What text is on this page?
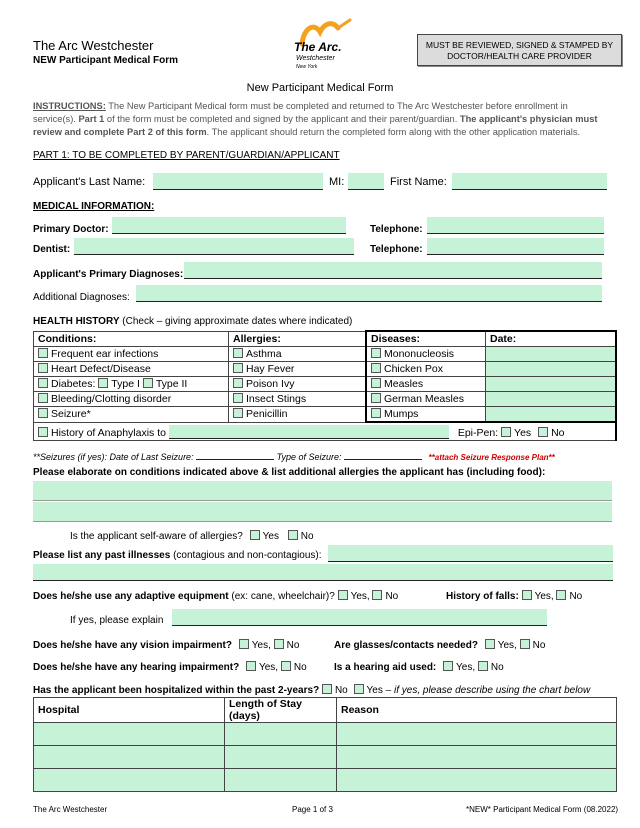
The Arc Westchester
NEW Participant Medical Form
The Arc.
Westchester
New York
MUST BE REVIEWED, SIGNED & STAMPED BY
DOCTOR/HEALTH CARE PROVIDER
New Participant Medical Form
INSTRUCTIONS: The New Participant Medical form must be completed and returned to The Arc Westchester before enrollment in
service(s). Part 1 of the form must be completed and signed by the applicant and their parent/guardian. The applicant's physician must
review and complete Part 2 of this form. The applicant should return the completed form along with the other application materials.
PART 1: TO BE COMPLETED BY PARENT/GUARDIAN/APPLICANT
Applicant's Last Name:	MI:	First Name:
MEDICAL INFORMATION:
Primary Doctor:	Telephone:
Dentist:	Telephone:
Applicant's Primary Diagnoses:
Additional Diagnoses:
HEALTH HISTORY (Check – giving approximate dates where indicated)
Conditions:	Allergies:	Diseases:	Date:
Frequent ear infections	Asthma	Mononucleosis	
Heart Defect/Disease	Hay Fever	Chicken Pox	
Diabetes: Type I Type II	Poison Ivy	Measles	
Bleeding/Clotting disorder	Insect Stings	German Measles	
Seizure*	Penicillin	Mumps	
History of Anaphylaxis to Epi-Pen: Yes No			
**Seizures (if yes): Date of Last Seizure:	Type of Seizure:	**attach Seizure Response Plan**
Please elaborate on conditions indicated above & list additional allergies the applicant has (including food):
Is the applicant self-aware of allergies? Yes No
Please list any past illnesses (contagious and non-contagious):
Does he/she use any adaptive equipment (ex: cane, wheelchair)? Yes, No	History of falls: Yes, No
If yes, please explain
Does he/she have any vision impairment? Yes, No	Are glasses/contacts needed? Yes, No
Does he/she have any hearing impairment? Yes, No	Is a hearing aid used: Yes, No
Has the applicant been hospitalized within the past 2-years? No Yes – if yes, please describe using the chart below
Hospital	Length of Stay (days)	Reason

The Arc Westchester	Page 1 of 3	*NEW* Participant Medical Form (08.2022)
